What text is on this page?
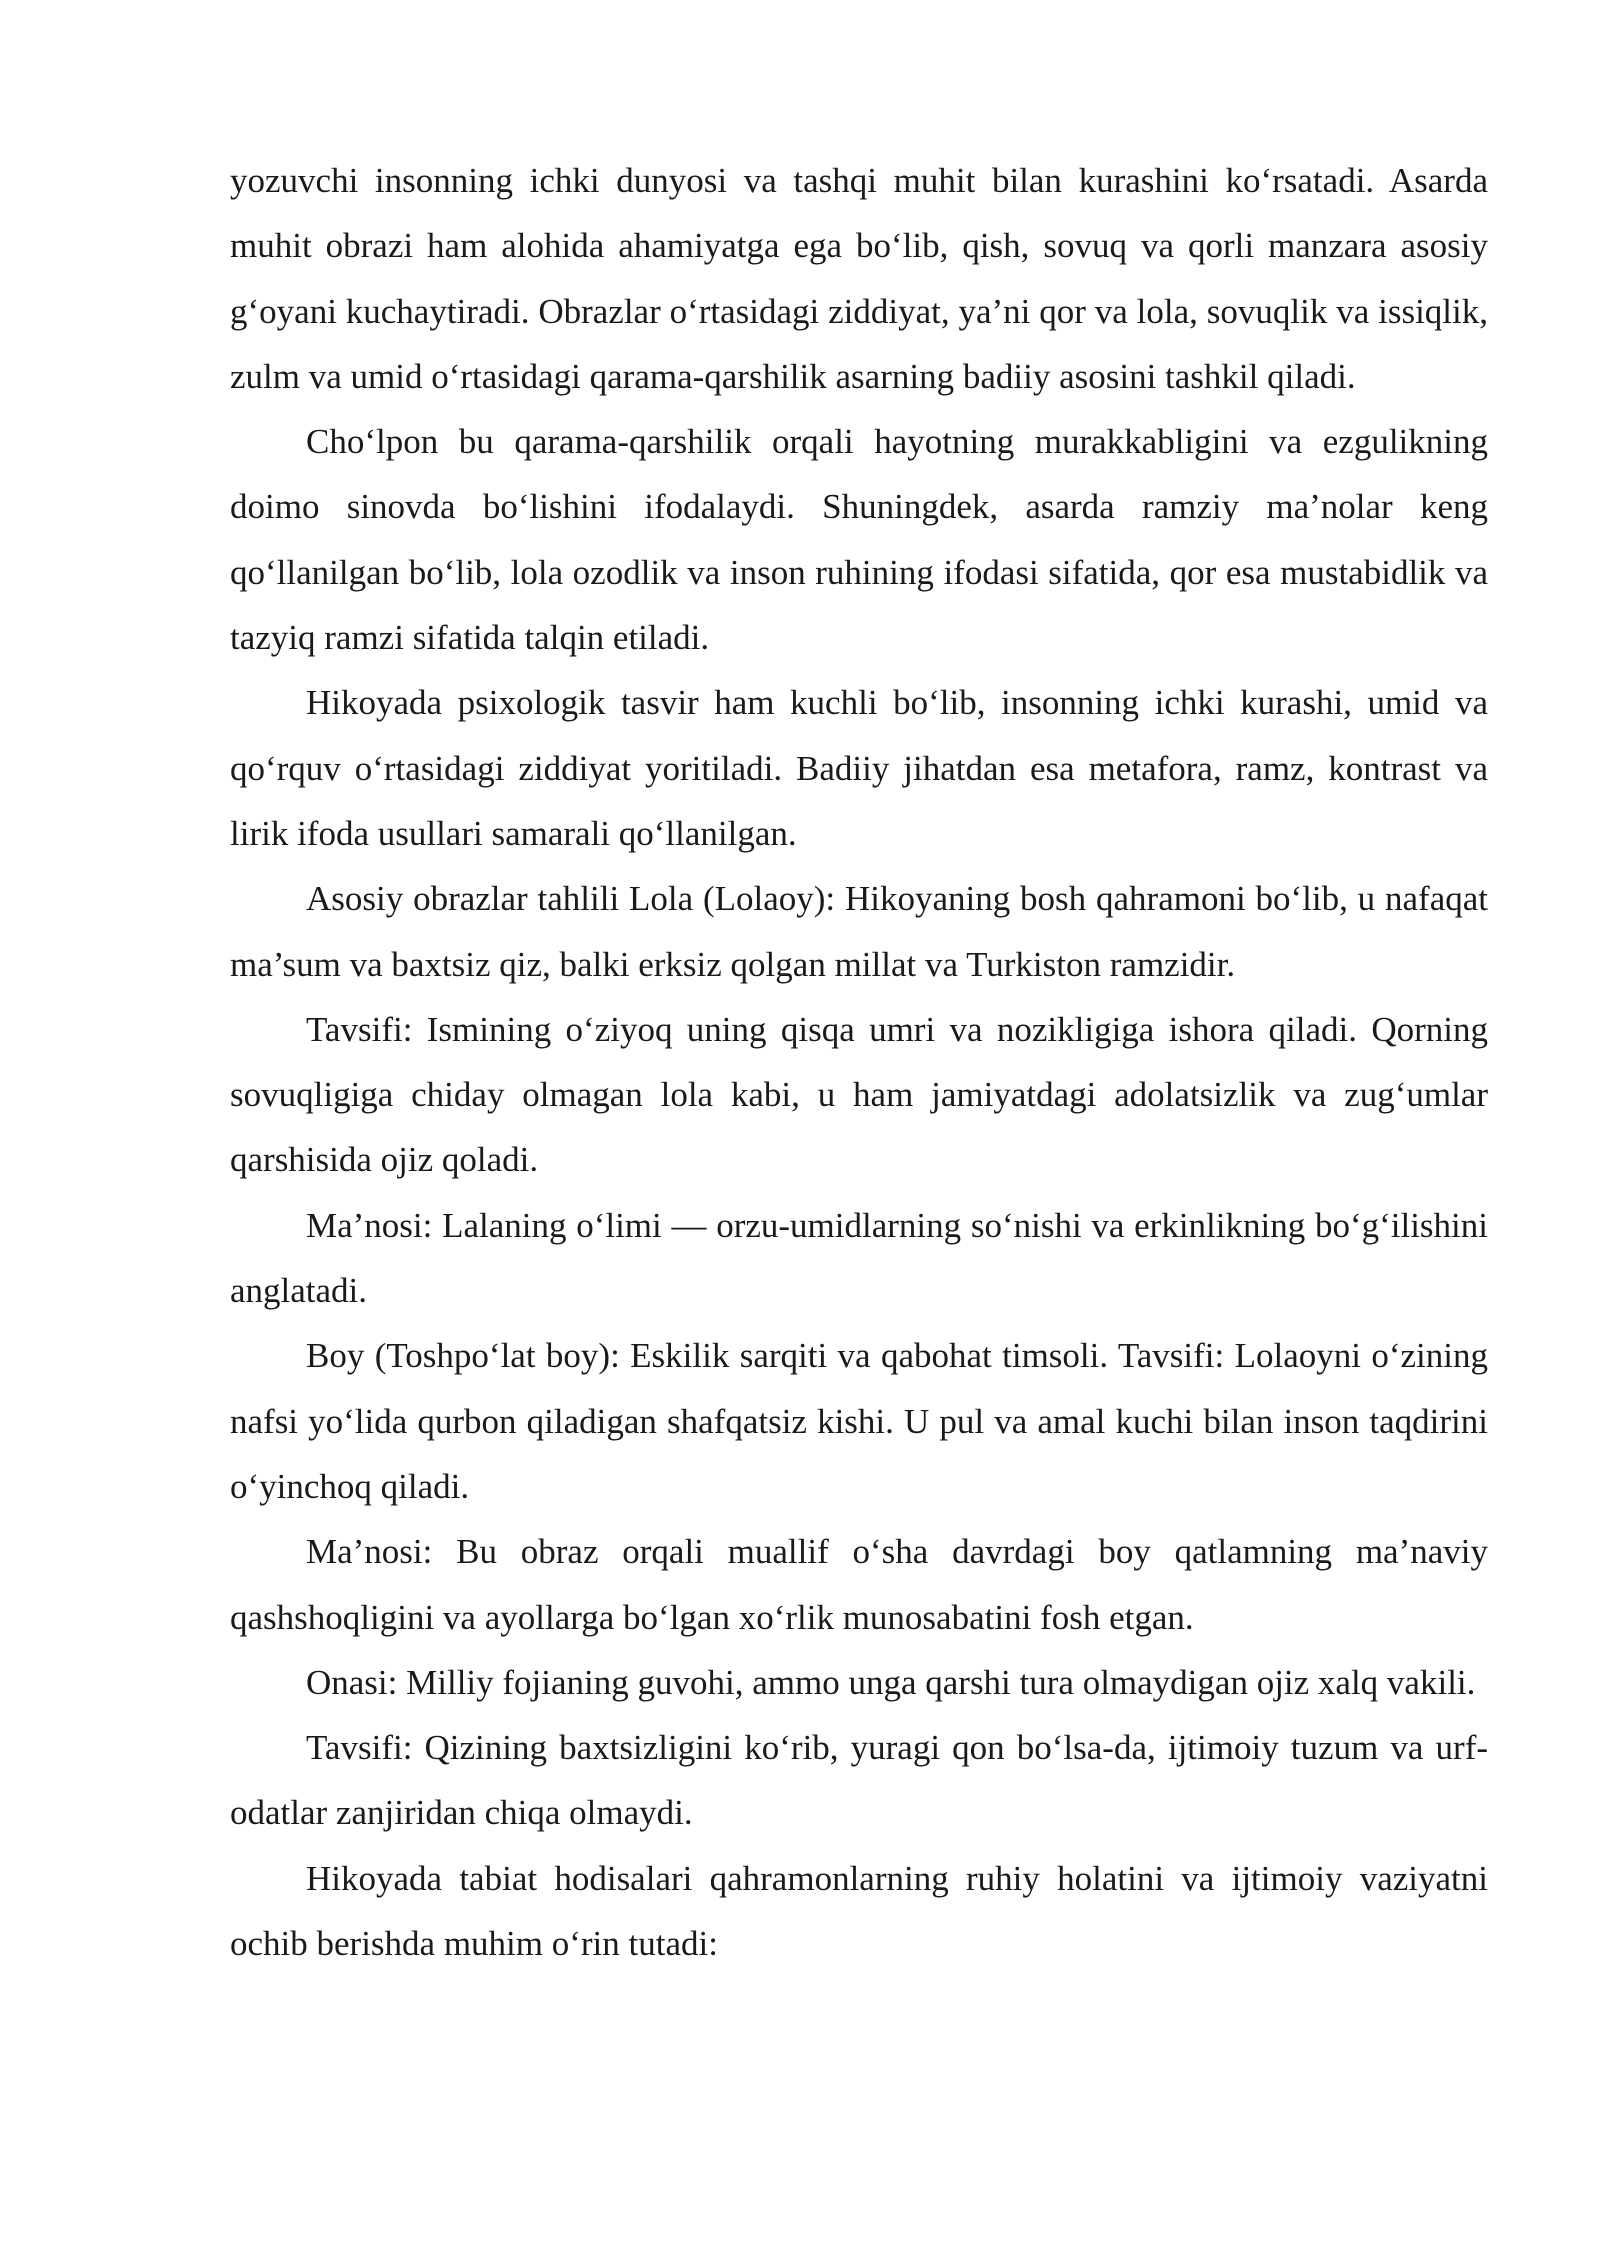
yozuvchi insonning ichki dunyosi va tashqi muhit bilan kurashini ko‘rsatadi. Asarda muhit obrazi ham alohida ahamiyatga ega bo‘lib, qish, sovuq va qorli manzara asosiy g‘oyani kuchaytiradi. Obrazlar o‘rtasidagi ziddiyat, ya’ni qor va lola, sovuqlik va issiqlik, zulm va umid o‘rtasidagi qarama-qarshilik asarning badiiy asosini tashkil qiladi.

Cho‘lpon bu qarama-qarshilik orqali hayotning murakkabligini va ezgulikning doimo sinovda bo‘lishini ifodalaydi. Shuningdek, asarda ramziy ma’nolar keng qo‘llanilgan bo‘lib, lola ozodlik va inson ruhining ifodasi sifatida, qor esa mustabidlik va tazyiq ramzi sifatida talqin etiladi.

Hikoyada psixologik tasvir ham kuchli bo‘lib, insonning ichki kurashi, umid va qo‘rquv o‘rtasidagi ziddiyat yoritiladi. Badiiy jihatdan esa metafora, ramz, kontrast va lirik ifoda usullari samarali qo‘llanilgan.

Asosiy obrazlar tahlili Lola (Lolaoy): Hikoyaning bosh qahramoni bo‘lib, u nafaqat ma’sum va baxtsiz qiz, balki erksiz qolgan millat va Turkiston ramzidir.

Tavsifi: Ismining o‘ziyoq uning qisqa umri va nozikligiga ishora qiladi. Qorning sovuqligiga chiday olmagan lola kabi, u ham jamiyatdagi adolatsizlik va zug‘umlar qarshisida ojiz qoladi.

Ma’nosi: Lalaning o‘limi — orzu-umidlarning so‘nishi va erkinlikning bo‘g‘ilishini anglatadi.

Boy (Toshpo‘lat boy): Eskilik sarqiti va qabohat timsoli. Tavsifi: Lolaoyni o‘zining nafsi yo‘lida qurbon qiladigan shafqatsiz kishi. U pul va amal kuchi bilan inson taqdirini o‘yinchoq qiladi.

Ma’nosi: Bu obraz orqali muallif o‘sha davrdagi boy qatlamning ma’naviy qashshoqligini va ayollarga bo‘lgan xo‘rlik munosabatini fosh etgan.

Onasi: Milliy fojianing guvohi, ammo unga qarshi tura olmaydigan ojiz xalq vakili.

Tavsifi: Qizining baxtsizligini ko‘rib, yuragi qon bo‘lsa-da, ijtimoiy tuzum va urf-odatlar zanjiridan chiqa olmaydi.

Hikoyada tabiat hodisalari qahramonlarning ruhiy holatini va ijtimoiy vaziyatni ochib berishda muhim o‘rin tutadi:
